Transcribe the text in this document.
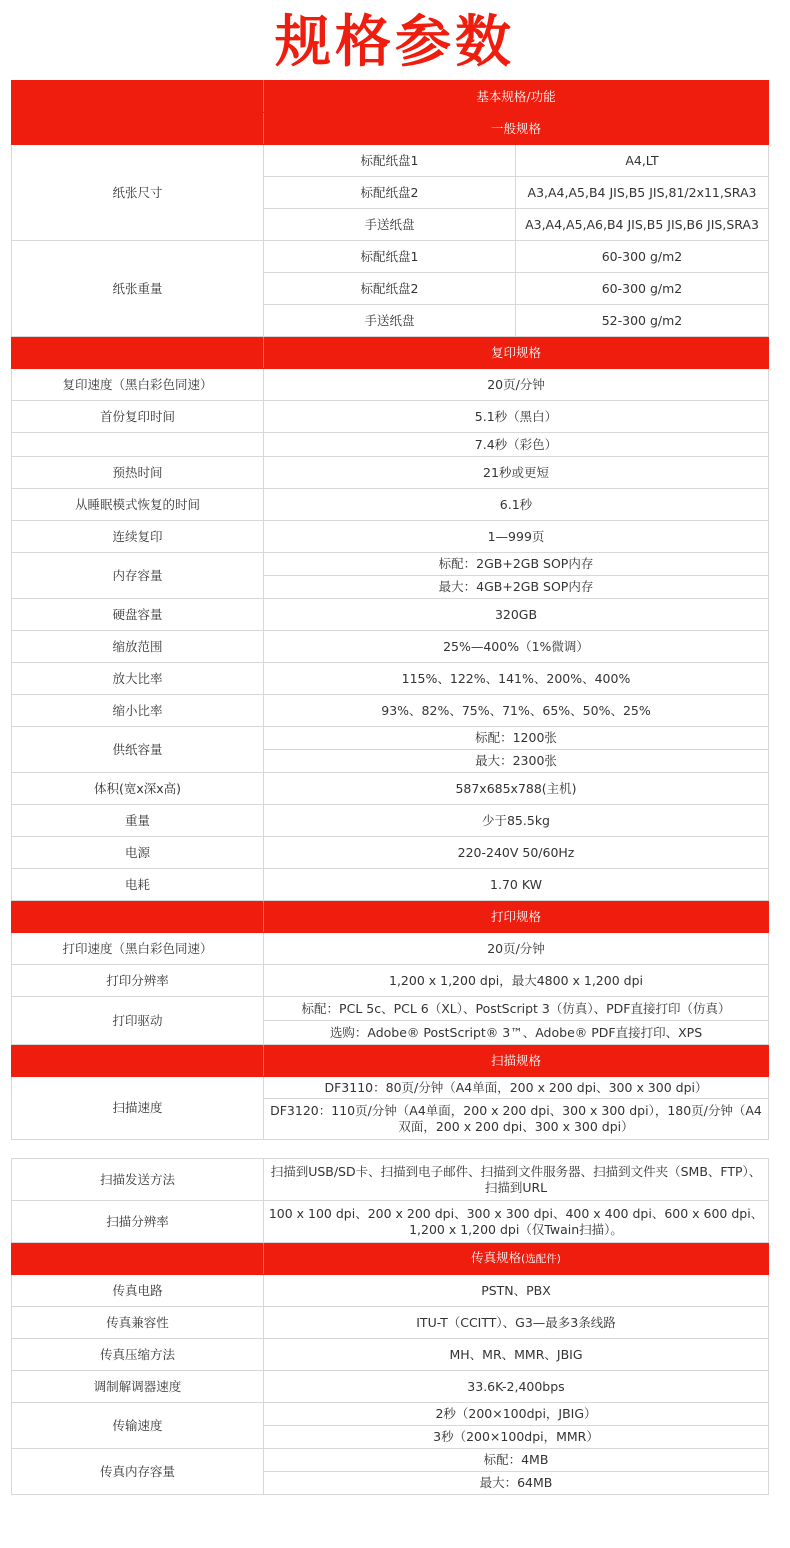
规格参数
	基本规格/功能	
	一般规格	
纸张尺寸	标配纸盘1	A4,LT
	标配纸盘2	A3,A4,A5,B4 JIS,B5 JIS,81/2x11,SRA3
	手送纸盘	A3,A4,A5,A6,B4 JIS,B5 JIS,B6 JIS,SRA3
纸张重量	标配纸盘1	60-300 g/m2
	标配纸盘2	60-300 g/m2
	手送纸盘	52-300 g/m2
	复印规格	
复印速度（黑白彩色同速）	20页/分钟	
首份复印时间	5.1秒（黑白）	
	7.4秒（彩色）	
预热时间	21秒或更短	
从睡眠模式恢复的时间	6.1秒	
连续复印	1—999页	
内存容量	标配：2GB+2GB SOP内存	
	最大：4GB+2GB SOP内存	
硬盘容量	320GB	
缩放范围	25%—400%（1%微调）	
放大比率	115%、122%、141%、200%、400%	
缩小比率	93%、82%、75%、71%、65%、50%、25%	
供纸容量	标配：1200张	
	最大：2300张	
体积(宽x深x高)	587x685x788(主机)	
重量	少于85.5kg	
电源	220-240V 50/60Hz	
电耗	1.70 KW	
	打印规格	
打印速度（黑白彩色同速）	20页/分钟	
打印分辨率	1,200 x 1,200 dpi，最大4800 x 1,200 dpi	
打印驱动	标配：PCL 5c、PCL 6（XL）、PostScript 3（仿真）、PDF直接打印（仿真）	
	选购：Adobe® PostScript® 3™、Adobe® PDF直接打印、XPS	
	扫描规格	
扫描速度	DF3110：80页/分钟（A4单面，200 x 200 dpi、300 x 300 dpi）	
	DF3120：110页/分钟（A4单面，200 x 200 dpi、300 x 300 dpi），180页/分钟（A4双面，200 x 200 dpi、300 x 300 dpi）	
扫描发送方法	扫描到USB/SD卡、扫描到电子邮件、扫描到文件服务器、扫描到文件夹（SMB、FTP）、扫描到URL
扫描分辨率	100 x 100 dpi、200 x 200 dpi、300 x 300 dpi、400 x 400 dpi、600 x 600 dpi、1,200 x 1,200 dpi（仅Twain扫描）。
	传真规格(选配件)
传真电路	PSTN、PBX
传真兼容性	ITU-T（CCITT）、G3—最多3条线路
传真压缩方法	MH、MR、MMR、JBIG
调制解调器速度	33.6K-2,400bps
传输速度	2秒（200×100dpi，JBIG）
	3秒（200×100dpi，MMR）
传真内存容量	标配：4MB
	最大：64MB
